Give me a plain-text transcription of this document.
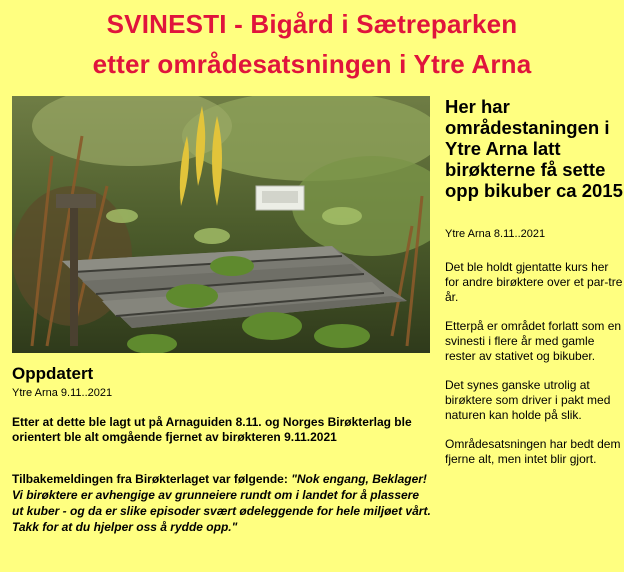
SVINESTI - Bigård i Sætreparken
etter områdesatsningen i Ytre Arna
Her har områdestaningen i Ytre Arna latt birøkterne få sette opp bikuber ca 2015
Ytre Arna 8.11..2021

Det ble holdt gjentatte kurs her for andre birøktere over et par-tre år.

Etterpå er området forlatt som en svinesti i flere år med gamle rester av stativet og bikuber.

Det synes ganske utrolig at birøktere som driver i pakt med naturen kan holde på slik.

Områdesatsningen har bedt dem fjerne alt, men intet blir gjort.

Oppdatert
Ytre Arna 9.11..2021
Etter at dette ble lagt ut på Arnaguiden 8.11. og Norges Birøkterlag ble orientert ble alt omgående fjernet av birøkteren 9.11.2021
Tilbakemeldingen fra Birøkterlaget var følgende: "Nok engang, Beklager! Vi birøktere er avhengige av grunneiere rundt om i landet for å plassere ut kuber - og da er slike episoder svært ødeleggende for hele miljøet vårt. Takk for at du hjelper oss å rydde opp."
